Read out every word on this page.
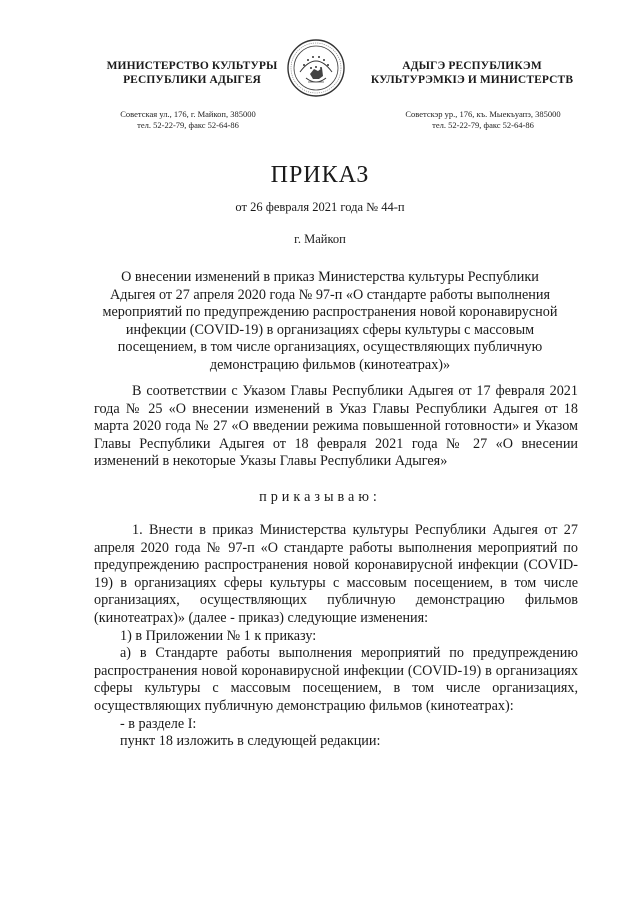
МИНИСТЕРСТВО КУЛЬТУРЫ
РЕСПУБЛИКИ АДЫГЕЯ
АДЫГЭ РЕСПУБЛИКЭМ
КУЛЬТУРЭМКIЭ И МИНИСТЕРСТВ
Советская ул., 176, г. Майкоп, 385000
тел. 52-22-79, факс 52-64-86
Советскэр ур., 176, къ. Мыекъуапэ, 385000
тел. 52-22-79, факс 52-64-86
ПРИКАЗ
от 26 февраля 2021 года № 44-п
г. Майкоп
О внесении изменений в приказ Министерства культуры Республики Адыгея от 27 апреля 2020 года № 97-п «О стандарте работы выполнения мероприятий по предупреждению распространения новой коронавирусной инфекции (COVID-19) в организациях сферы культуры с массовым посещением, в том числе организациях, осуществляющих публичную демонстрацию фильмов (кинотеатрах)»

В соответствии с Указом Главы Республики Адыгея от 17 февраля 2021 года № 25 «О внесении изменений в Указ Главы Республики Адыгея от 18 марта 2020 года № 27 «О введении режима повышенной готовности» и Указом Главы Республики Адыгея от 18 февраля 2021 года № 27 «О внесении изменений в некоторые Указы Главы Республики Адыгея»

приказываю:

1. Внести в приказ Министерства культуры Республики Адыгея от 27 апреля 2020 года № 97-п «О стандарте работы выполнения мероприятий по предупреждению распространения новой коронавирусной инфекции (COVID-19) в организациях сферы культуры с массовым посещением, в том числе организациях, осуществляющих публичную демонстрацию фильмов (кинотеатрах)» (далее - приказ) следующие изменения:

1) в Приложении № 1 к приказу:

а) в Стандарте работы выполнения мероприятий по предупреждению распространения новой коронавирусной инфекции (COVID-19) в организациях сферы культуры с массовым посещением, в том числе организациях, осуществляющих публичную демонстрацию фильмов (кинотеатрах):

- в разделе I:

пункт 18 изложить в следующей редакции:
